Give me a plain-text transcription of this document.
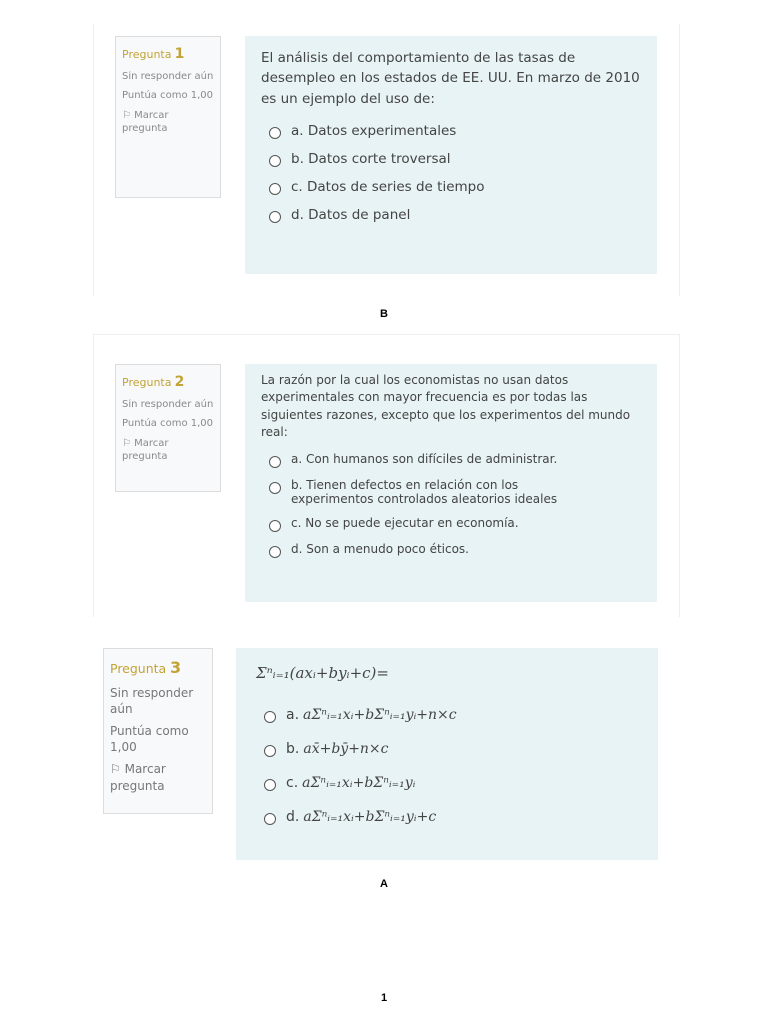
Pregunta 1
Sin responder aún
Puntúa como 1,00
⚐ Marcar pregunta
El análisis del comportamiento de las tasas de desempleo en los estados de EE. UU. En marzo de 2010 es un ejemplo del uso de:
a. Datos experimentales
b. Datos corte troversal
c. Datos de series de tiempo
d. Datos de panel
B
Pregunta 2
Sin responder aún
Puntúa como 1,00
⚐ Marcar pregunta
La razón por la cual los economistas no usan datos experimentales con mayor frecuencia es por todas las siguientes razones, excepto que los experimentos del mundo real:
a. Con humanos son difíciles de administrar.
b. Tienen defectos en relación con los experimentos controlados aleatorios ideales
c. No se puede ejecutar en economía.
d. Son a menudo poco éticos.
Pregunta 3
Sin responder aún
Puntúa como 1,00
⚐ Marcar pregunta
Σⁿᵢ₌₁(axᵢ+byᵢ+c)=
a. aΣⁿᵢ₌₁xᵢ+bΣⁿᵢ₌₁yᵢ+n×c
b. ax̄+bȳ+n×c
c. aΣⁿᵢ₌₁xᵢ+bΣⁿᵢ₌₁yᵢ
d. aΣⁿᵢ₌₁xᵢ+bΣⁿᵢ₌₁yᵢ+c
A
1
